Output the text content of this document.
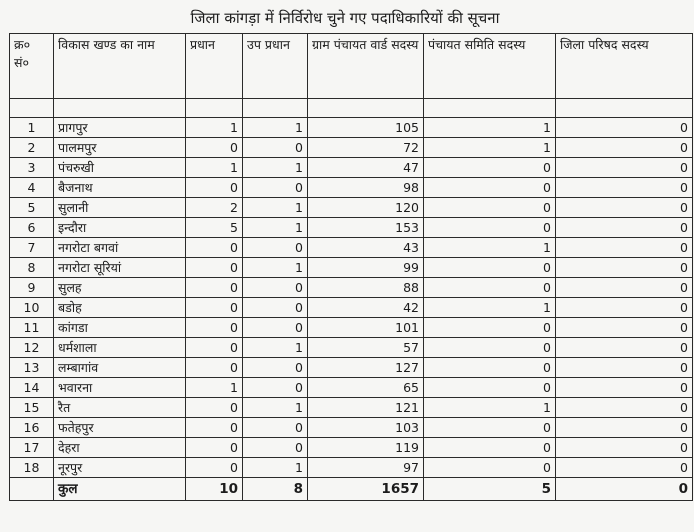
जिला कांगड़ा में निर्विरोध चुने गए पदाधिकारियों की सूचना
क्र० सं०	विकास खण्ड का नाम	प्रधान	उप प्रधान	ग्राम पंचायत वार्ड सदस्य	पंचायत समिति सदस्य	जिला परिषद सदस्य

1	प्रागपुर	1	1	105	1	0
2	पालमपुर	0	0	72	1	0
3	पंचरुखी	1	1	47	0	0
4	बैजनाथ	0	0	98	0	0
5	सुलानी	2	1	120	0	0
6	इन्दौरा	5	1	153	0	0
7	नगरोटा बगवां	0	0	43	1	0
8	नगरोटा सूरियां	0	1	99	0	0
9	सुलह	0	0	88	0	0
10	बडोह	0	0	42	1	0
11	कांगडा	0	0	101	0	0
12	धर्मशाला	0	1	57	0	0
13	लम्बागांव	0	0	127	0	0
14	भवारना	1	0	65	0	0
15	रैत	0	1	121	1	0
16	फतेहपुर	0	0	103	0	0
17	देहरा	0	0	119	0	0
18	नूरपुर	0	1	97	0	0
	कुल	10	8	1657	5	0
